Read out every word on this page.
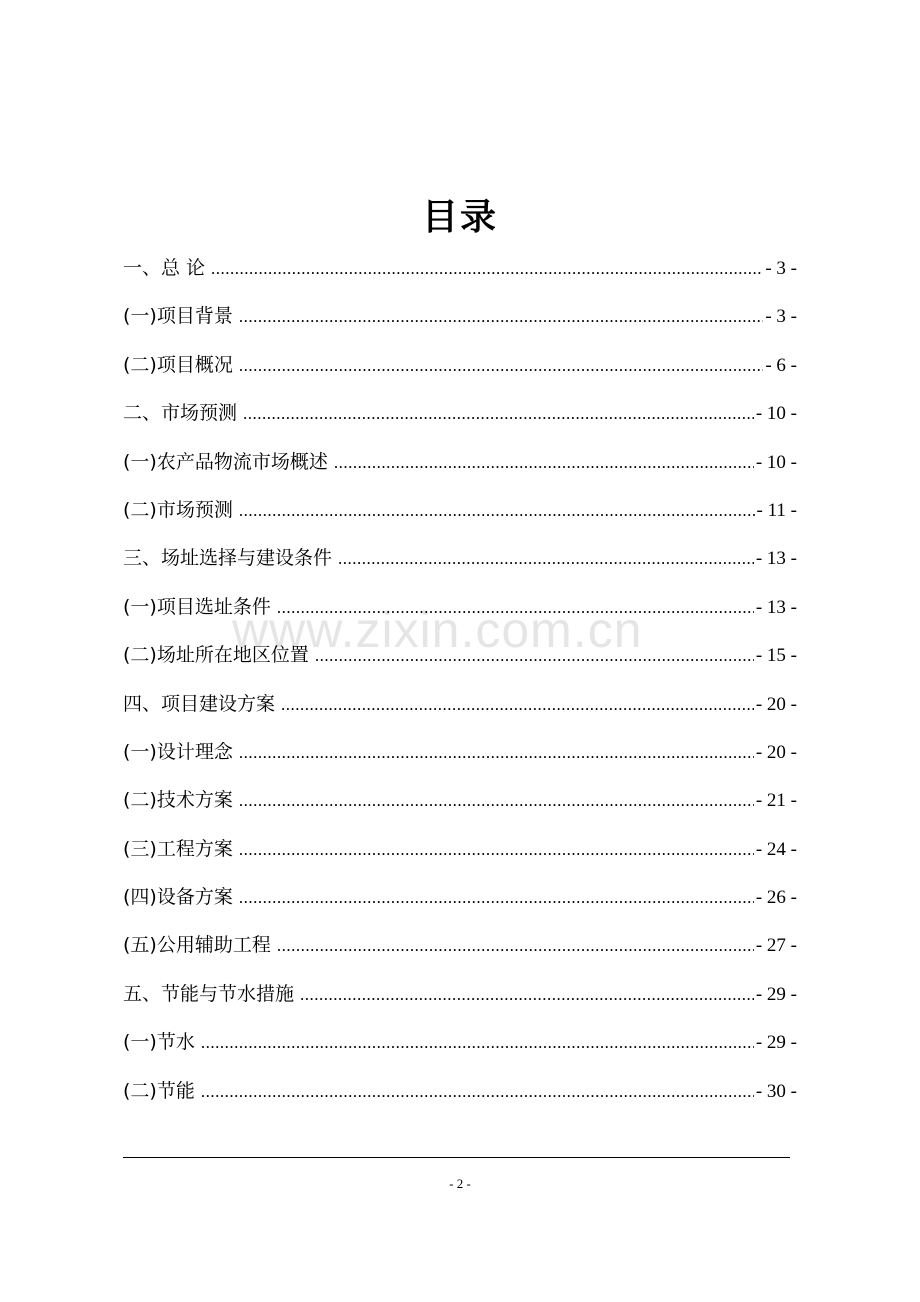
目录
一、总 论 .....	- 3 -
(一)项目背景 .....	- 3 -
(二)项目概况 .....	- 6 -
二、市场预测 .....	- 10 -
(一)农产品物流市场概述 .....	- 10 -
(二)市场预测 .....	- 11 -
三、场址选择与建设条件 .....	- 13 -
(一)项目选址条件 .....	- 13 -
(二)场址所在地区位置 .....	- 15 -
四、项目建设方案 .....	- 20 -
(一)设计理念 .....	- 20 -
(二)技术方案 .....	- 21 -
(三)工程方案 .....	- 24 -
(四)设备方案 .....	- 26 -
(五)公用辅助工程 .....	- 27 -
五、节能与节水措施 .....	- 29 -
(一)节水 .....	- 29 -
(二)节能 .....	- 30 -
www.zixin.com.cn
- 2 -
